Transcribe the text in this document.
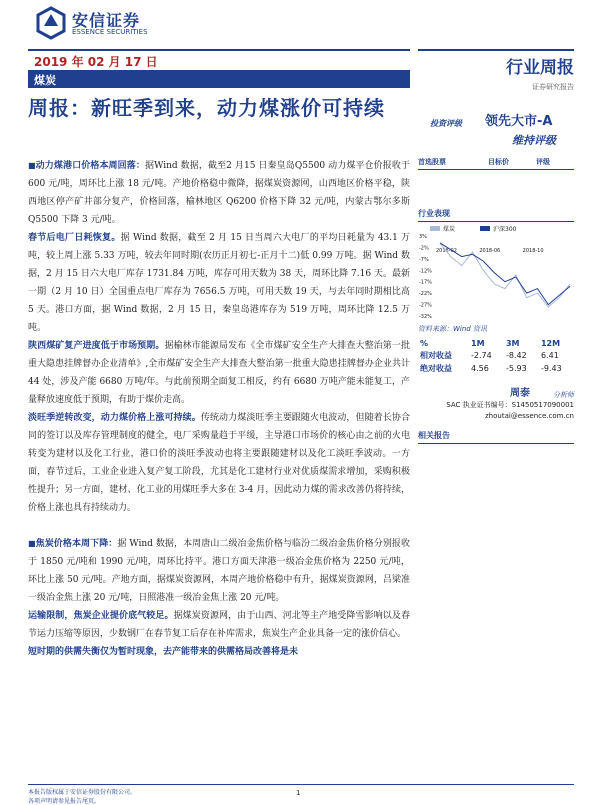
安信证券
ESSENCE SECURITIES
2019 年 02 月 17 日
煤炭
行业周报
证券研究报告
周报：新旺季到来，动力煤涨价可持续
投资评级 领先大市-A
维持评级
首选股票	目标价	评级
行业表现
煤炭	沪深300
3%
-2%
-7%
-12%
-17%
-22%
-27%
-32%
2018-02	2018-06	2018-10
资料来源：Wind 资讯
%	1M	3M	12M
相对收益	-2.74	-8.42	6.41
绝对收益	4.56	-5.93	-9.43
周泰	分析师
SAC 执业证书编号：S1450517090001
zhoutai@essence.com.cn
相关报告

■动力煤港口价格本周回落：据Wind 数据，截至2 月15 日秦皇岛Q5500 动力煤平仓价报收于 600 元/吨，周环比上涨 18 元/吨。产地价格稳中微降，据煤炭资源网，山西地区价格平稳，陕西地区停产矿井部分复产，价格回落，榆林地区 Q6200 价格下降 32 元/吨，内蒙古鄂尔多斯 Q5500 下降 3 元/吨。

春节后电厂日耗恢复。据 Wind 数据，截至 2 月 15 日当周六大电厂的平均日耗量为 43.1 万吨，较上周上涨 5.33 万吨，较去年同时期(农历正月初七-正月十二)低 0.99 万吨。据 Wind 数据，2 月 15 日六大电厂库存 1731.84 万吨，库存可用天数为 38 天，周环比降 7.16 天。最新一期（2 月 10 日）全国重点电厂库存为 7656.5 万吨，可用天数 19 天，与去年同时期相比高 5 天。港口方面，据 Wind 数据，2 月 15 日，秦皇岛港库存为 519 万吨，周环比降 12.5 万吨。

陕西煤矿复产进度低于市场预期。据榆林市能源局发布《全市煤矿安全生产大排查大整治第一批重大隐患挂牌督办企业清单》,全市煤矿安全生产大排查大整治第一批重大隐患挂牌督办企业共计 44 处，涉及产能 6680 万吨/年。与此前预期全面复工相反，约有 6680 万吨产能未能复工，产量释放速度低于预期，有助于煤价走高。

淡旺季逆转改变，动力煤价格上涨可持续。传统动力煤淡旺季主要跟随火电波动，但随着长协合同的签订以及库存管理制度的健全，电厂采购量趋于平缓，主导港口市场价的核心由之前的火电转变为建材以及化工行业，港口价的淡旺季波动也将主要跟随建材以及化工淡旺季波动。一方面，春节过后，工业企业进入复产复工阶段，尤其是化工建材行业对优质煤需求增加，采购积极性提升；另一方面，建材、化工业的用煤旺季大多在 3-4 月，因此动力煤的需求改善仍将持续，价格上涨也具有持续动力。

■焦炭价格本周下降：据 Wind 数据，本周唐山二级冶金焦价格与临汾二级冶金焦价格分别报收于 1850 元/吨和 1990 元/吨，周环比持平。港口方面天津港一级冶金焦价格为 2250 元/吨，环比上涨 50 元/吨。产地方面，据煤炭资源网，本周产地价格稳中有升，据煤炭资源网，吕梁准一级冶金焦上涨 20 元/吨，日照港准一级冶金焦上涨 20 元/吨。

运输限制，焦炭企业提价底气较足。据煤炭资源网，由于山西、河北等主产地受降雪影响以及春节运力压缩等原因，少数钢厂在春节复工后存在补库需求，焦炭生产企业具备一定的涨价信心。

短时期的供需失衡仅为暂时现象，去产能带来的供需格局改善将是未

本报告版权属于安信证券股份有限公司。
各项声明请参见报告尾页。
1
